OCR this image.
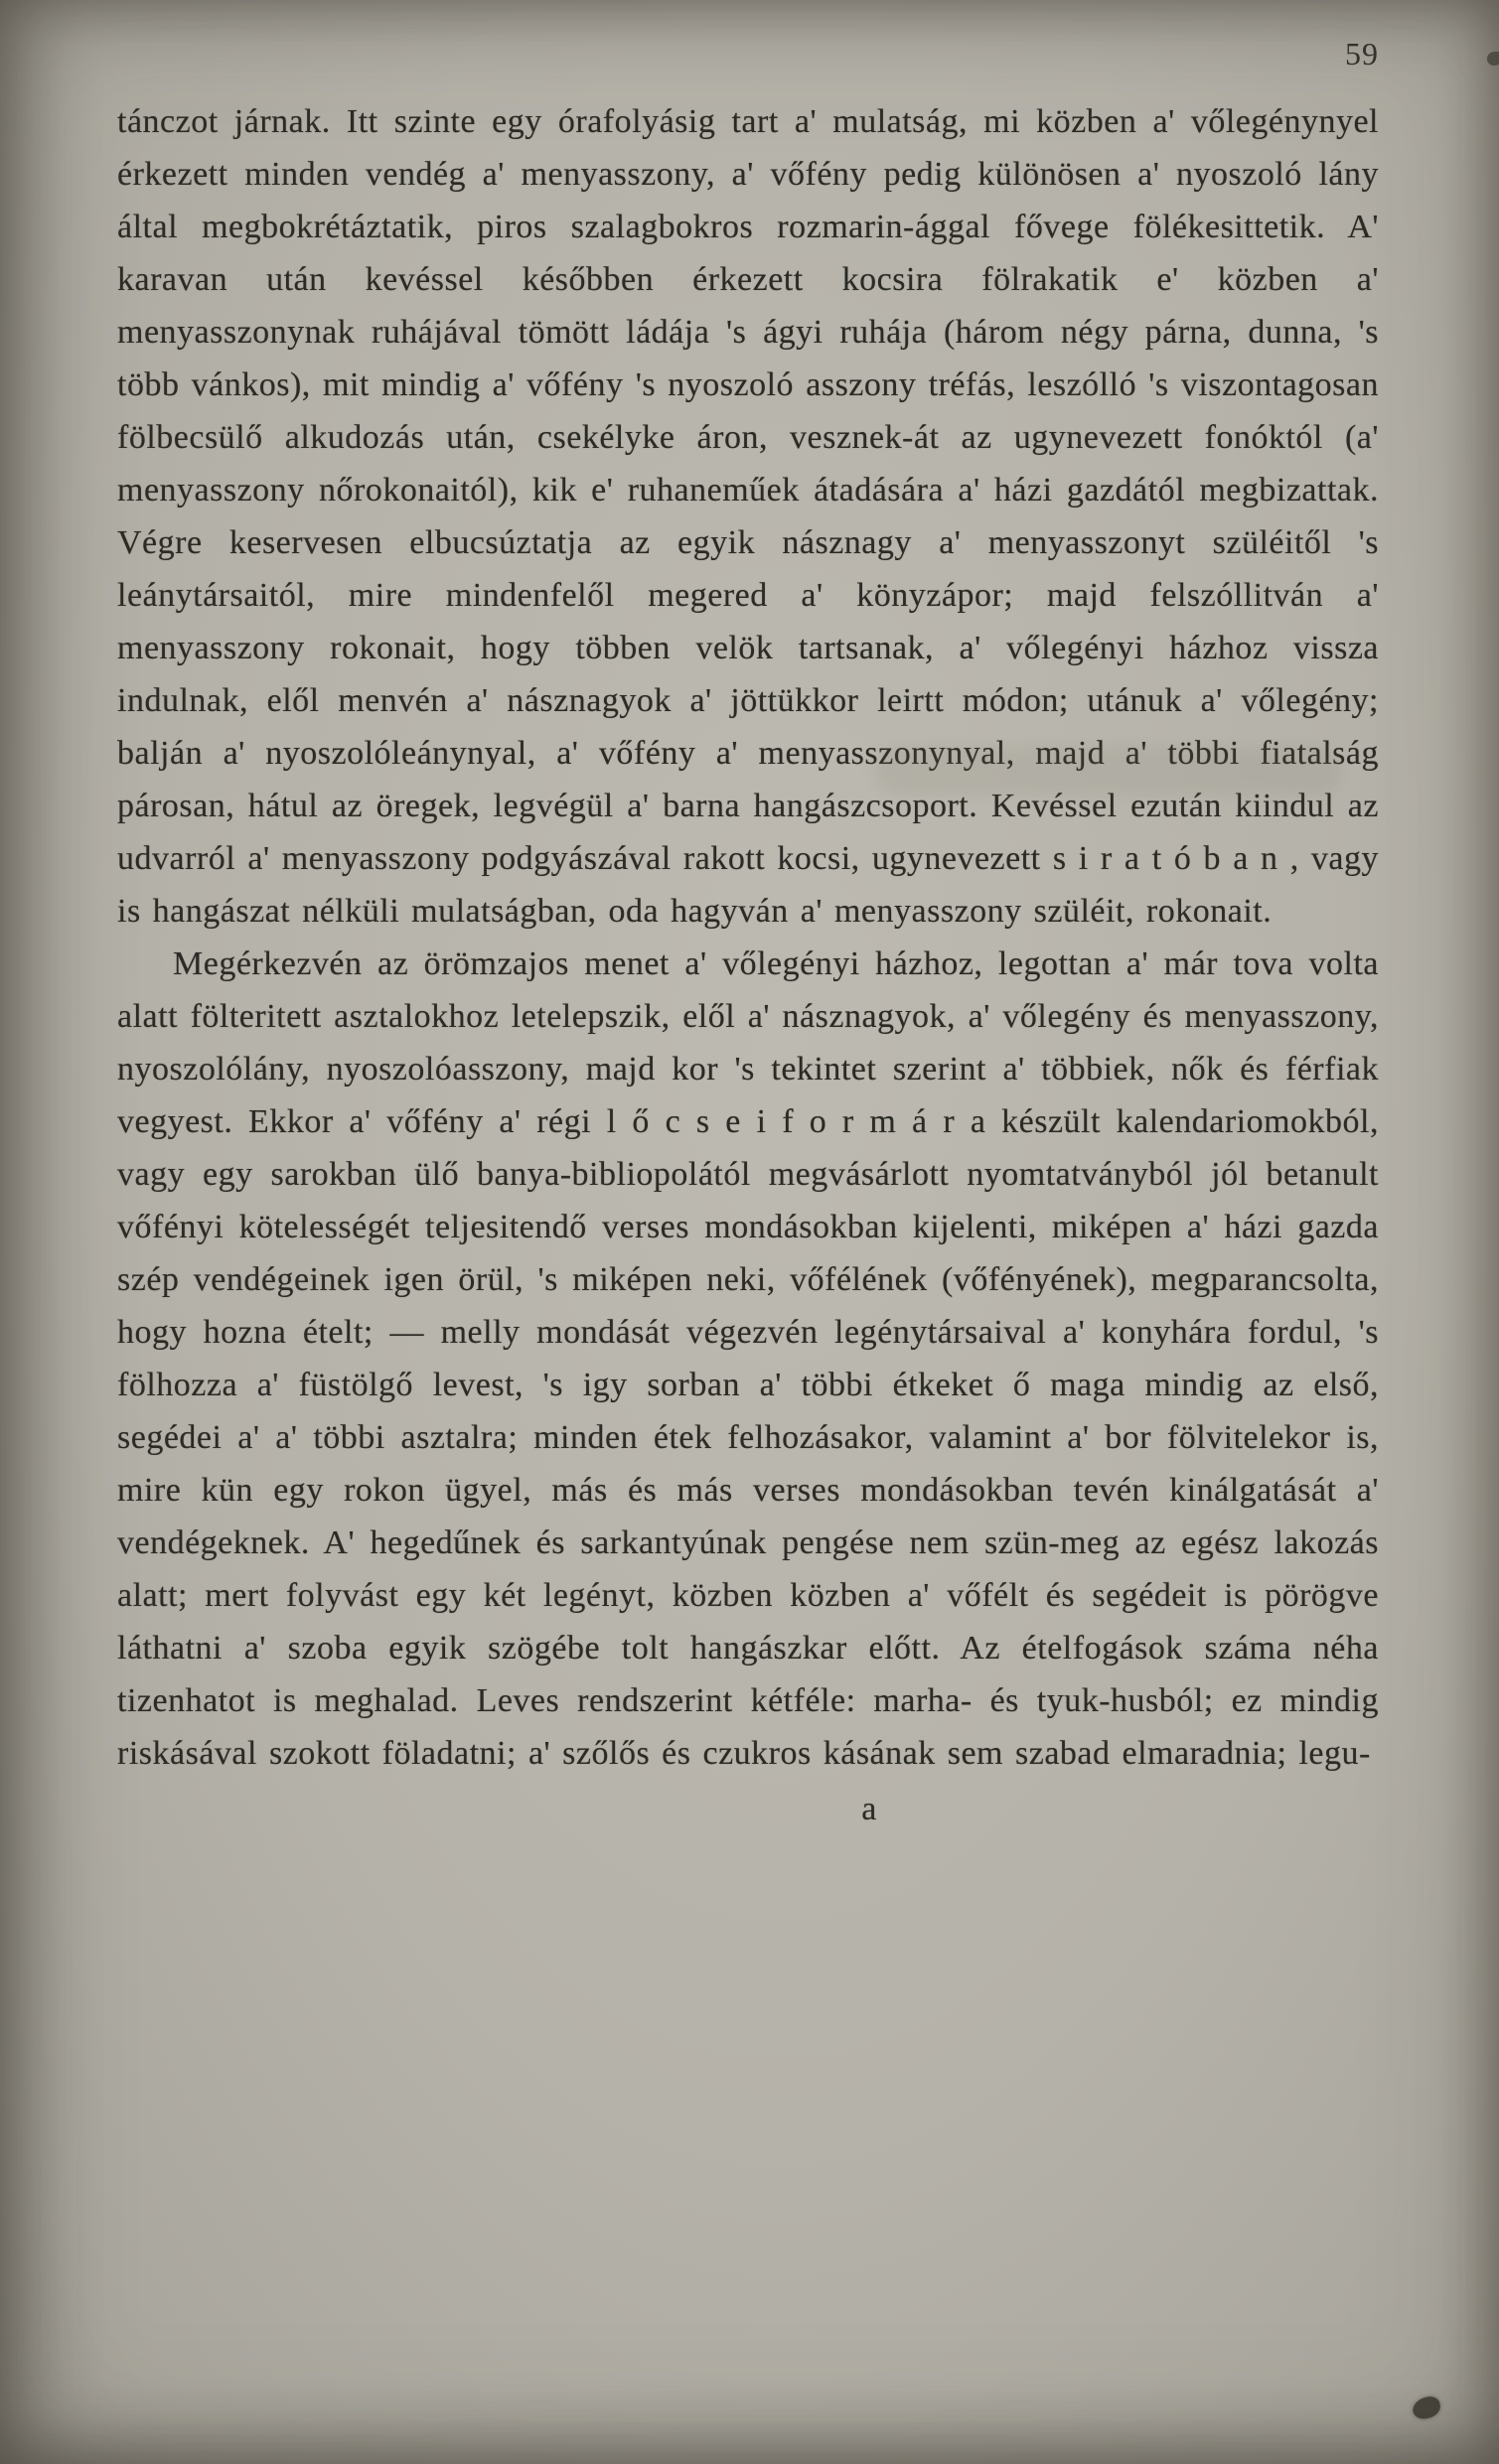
59

tánczot járnak. Itt szinte egy órafolyásig tart a' mulatság, mi közben a' vőlegénynyel érkezett minden vendég a' menyasszony, a' vőfény pedig különösen a' nyoszoló lány által megbokrétáztatik, piros szalagbokros rozmarin-ággal fővege fölékesittetik. A' karavan után kevéssel későbben érkezett kocsira fölrakatik e' közben a' menyasszonynak ruhájával tömött ládája 's ágyi ruhája (három négy párna, dunna, 's több vánkos), mit mindig a' vőfény 's nyoszoló asszony tréfás, leszólló 's viszontagosan fölbecsülő alkudozás után, csekélyke áron, vesznek-át az ugynevezett fonóktól (a' menyasszony nőrokonaitól), kik e' ruhaneműek átadására a' házi gazdától megbizattak. Végre keservesen elbucsúztatja az egyik násznagy a' menyasszonyt szüléitől 's leánytársaitól, mire mindenfelől megered a' könyzápor; majd felszóllitván a' menyasszony rokonait, hogy többen velök tartsanak, a' vőlegényi házhoz vissza indulnak, elől menvén a' násznagyok a' jöttükkor leirtt módon; utánuk a' vőlegény; balján a' nyoszolóleánynyal, a' vőfény a' menyasszonynyal, majd a' többi fiatalság párosan, hátul az öregek, legvégül a' barna hangászcsoport. Kevéssel ezután kiindul az udvarról a' menyasszony podgyászával rakott kocsi, ugynevezett s i r a t ó b a n , vagy is hangászat nélküli mulatságban, oda hagyván a' menyasszony szüléit, rokonait.

Megérkezvén az örömzajos menet a' vőlegényi házhoz, legottan a' már tova volta alatt fölteritett asztalokhoz letelepszik, elől a' násznagyok, a' vőlegény és menyasszony, nyoszolólány, nyoszolóasszony, majd kor 's tekintet szerint a' többiek, nők és férfiak vegyest. Ekkor a' vőfény a' régi l ő c s e i f o r m á r a készült kalendariomokból, vagy egy sarokban ülő banya-bibliopolától megvásárlott nyomtatványból jól betanult vőfényi kötelességét teljesitendő verses mondásokban kijelenti, miképen a' házi gazda szép vendégeinek igen örül, 's miképen neki, vőfélének (vőfényének), megparancsolta, hogy hozna ételt; — melly mondását végezvén legénytársaival a' konyhára fordul, 's fölhozza a' füstölgő levest, 's igy sorban a' többi étkeket ő maga mindig az első, segédei a' a' többi asztalra; minden étek felhozásakor, valamint a' bor fölvitelekor is, mire kün egy rokon ügyel, más és más verses mondásokban tevén kinálgatását a' vendégeknek. A' hegedűnek és sarkantyúnak pengése nem szün-meg az egész lakozás alatt; mert folyvást egy két legényt, közben közben a' vőfélt és segédeit is pörögve láthatni a' szoba egyik szögébe tolt hangászkar előtt. Az ételfogások száma néha tizenhatot is meghalad. Leves rendszerint kétféle: marha- és tyuk-husból; ez mindig riskásával szokott föladatni; a' szőlős és czukros kásának sem szabad elmaradnia; legu-

a
